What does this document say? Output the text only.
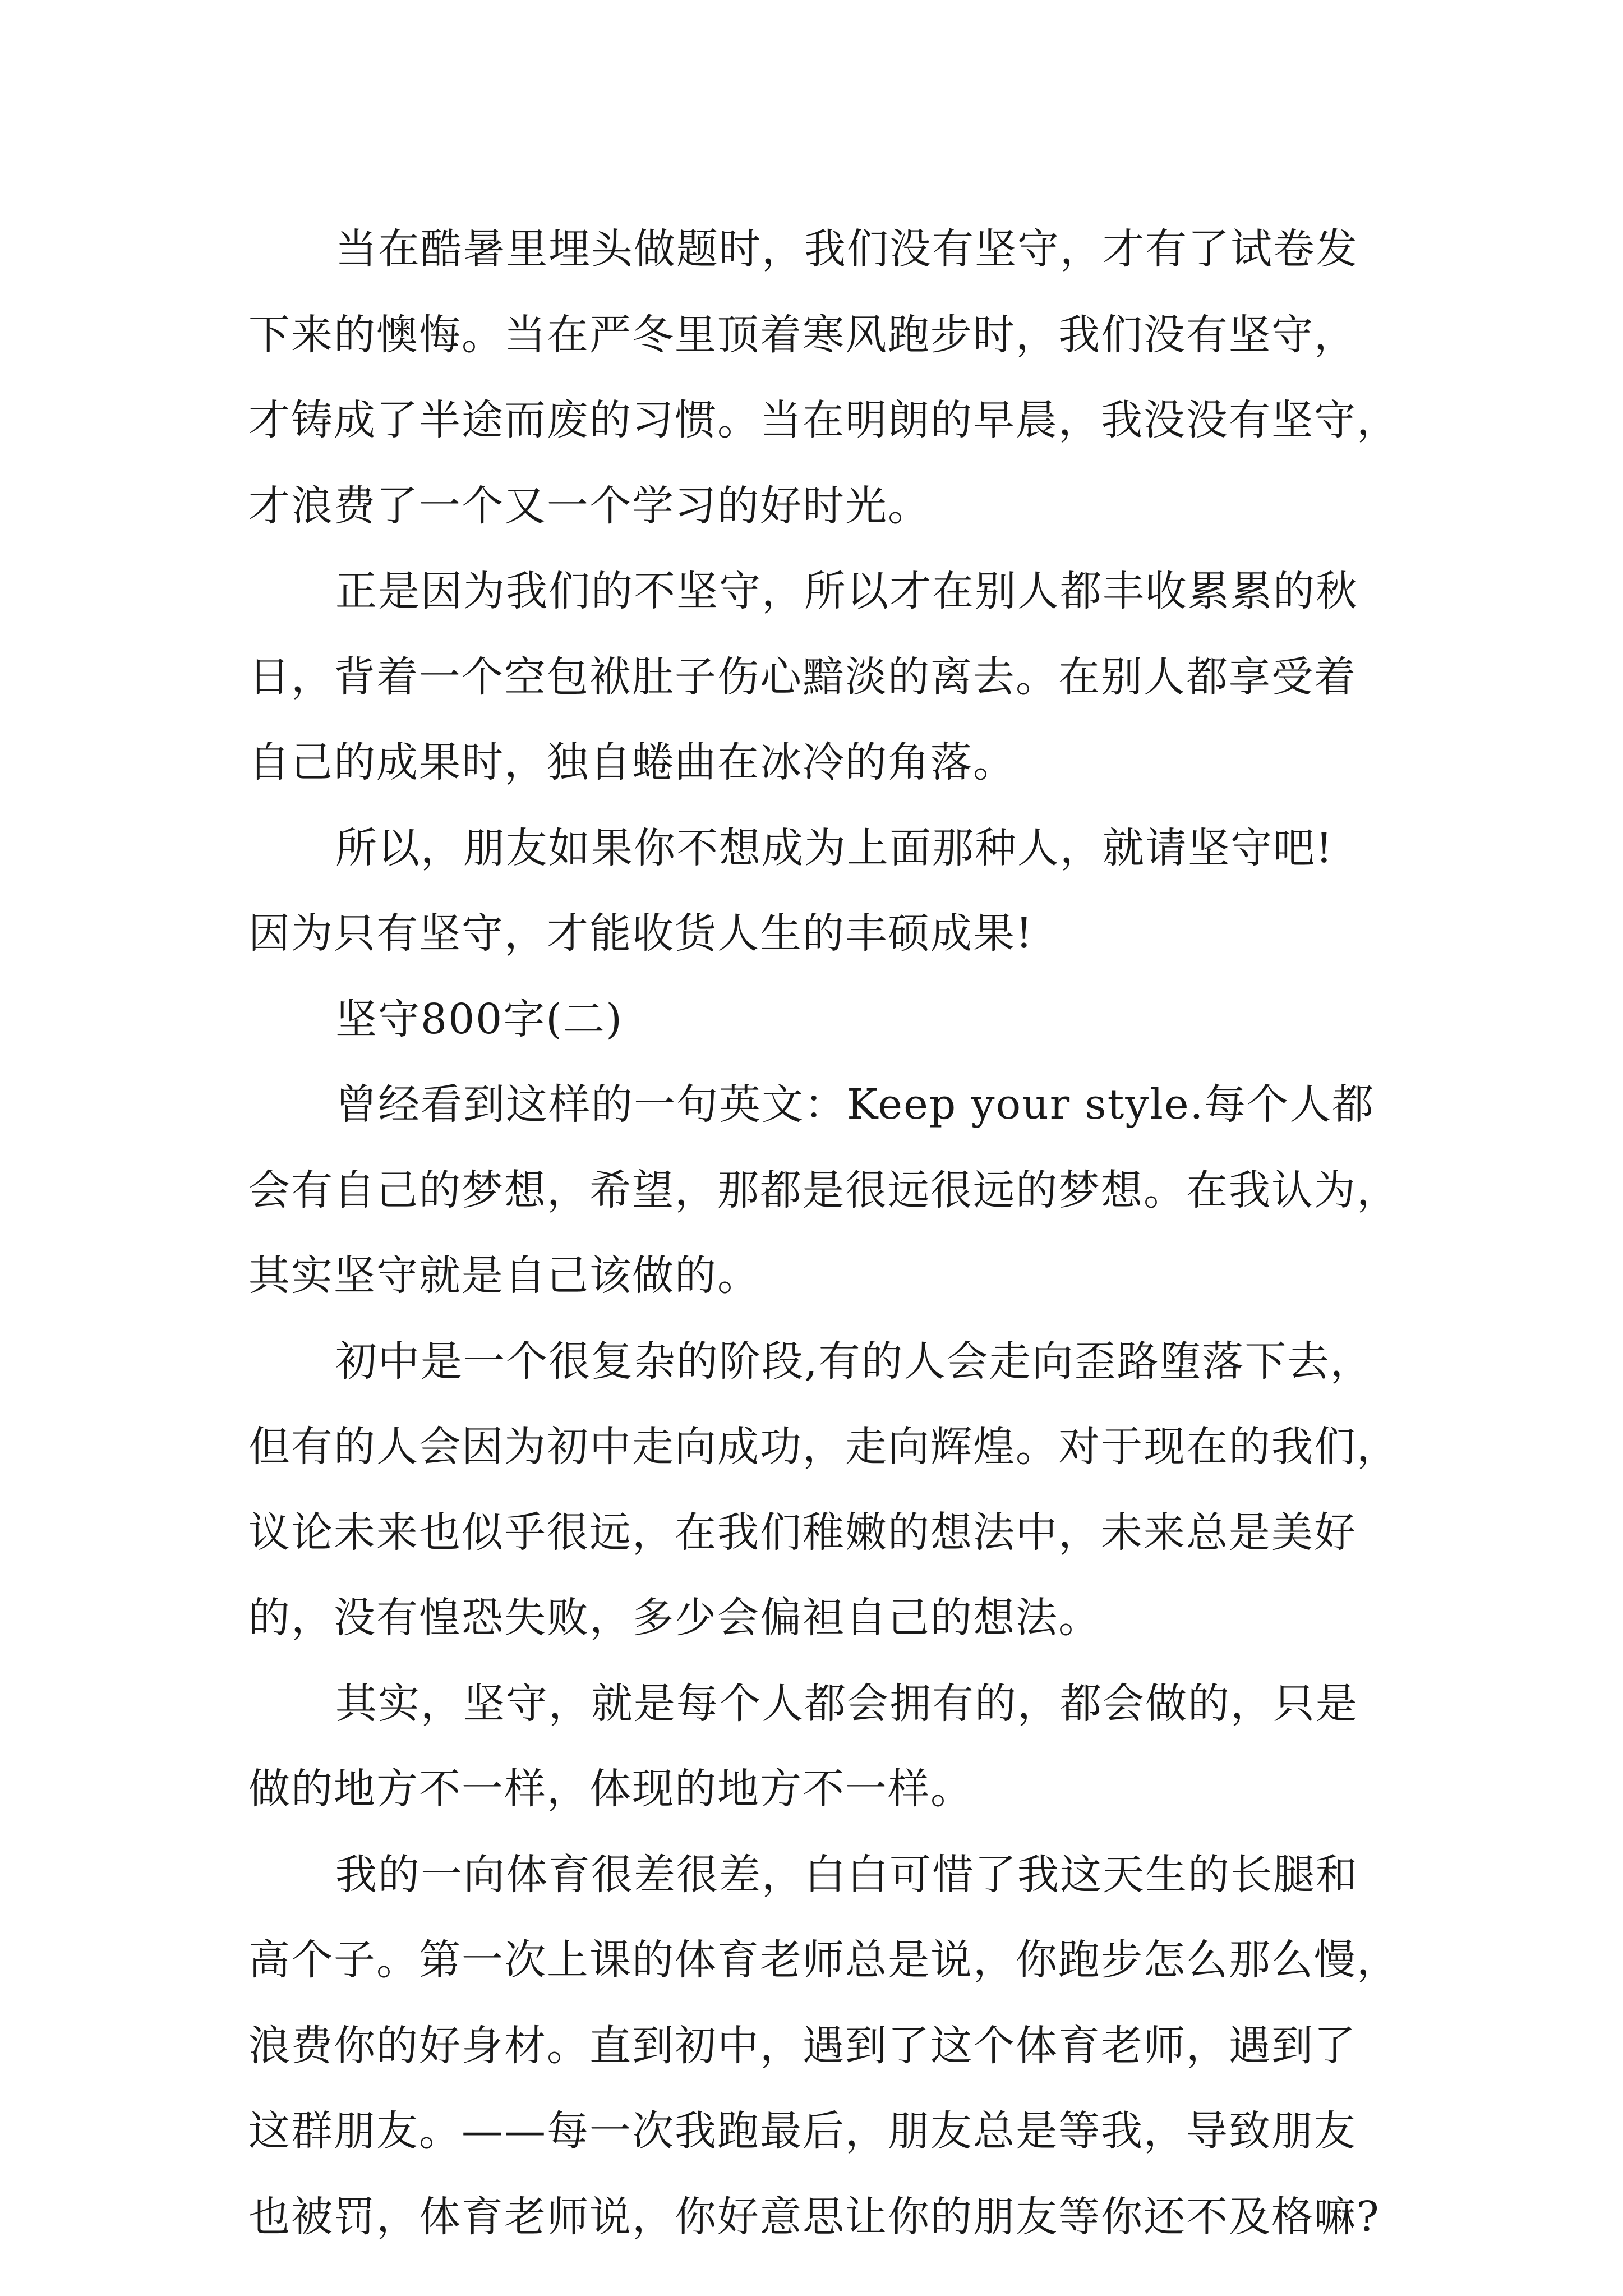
当在酷暑里埋头做题时，我们没有坚守，才有了试卷发
下来的懊悔。当在严冬里顶着寒风跑步时，我们没有坚守，
才铸成了半途而废的习惯。当在明朗的早晨，我没没有坚守，
才浪费了一个又一个学习的好时光。
正是因为我们的不坚守，所以才在别人都丰收累累的秋
日，背着一个空包袱肚子伤心黯淡的离去。在别人都享受着
自己的成果时，独自蜷曲在冰冷的角落。
所以，朋友如果你不想成为上面那种人，就请坚守吧!
因为只有坚守，才能收货人生的丰硕成果!
坚守800字(二)
曾经看到这样的一句英文：Keep your style.每个人都
会有自己的梦想，希望，那都是很远很远的梦想。在我认为，
其实坚守就是自己该做的。
初中是一个很复杂的阶段,有的人会走向歪路堕落下去，
但有的人会因为初中走向成功，走向辉煌。对于现在的我们，
议论未来也似乎很远，在我们稚嫩的想法中，未来总是美好
的，没有惶恐失败，多少会偏袒自己的想法。
其实，坚守，就是每个人都会拥有的，都会做的，只是
做的地方不一样，体现的地方不一样。
我的一向体育很差很差，白白可惜了我这天生的长腿和
高个子。第一次上课的体育老师总是说，你跑步怎么那么慢，
浪费你的好身材。直到初中，遇到了这个体育老师，遇到了
这群朋友。——每一次我跑最后，朋友总是等我，导致朋友
也被罚，体育老师说，你好意思让你的朋友等你还不及格嘛?
